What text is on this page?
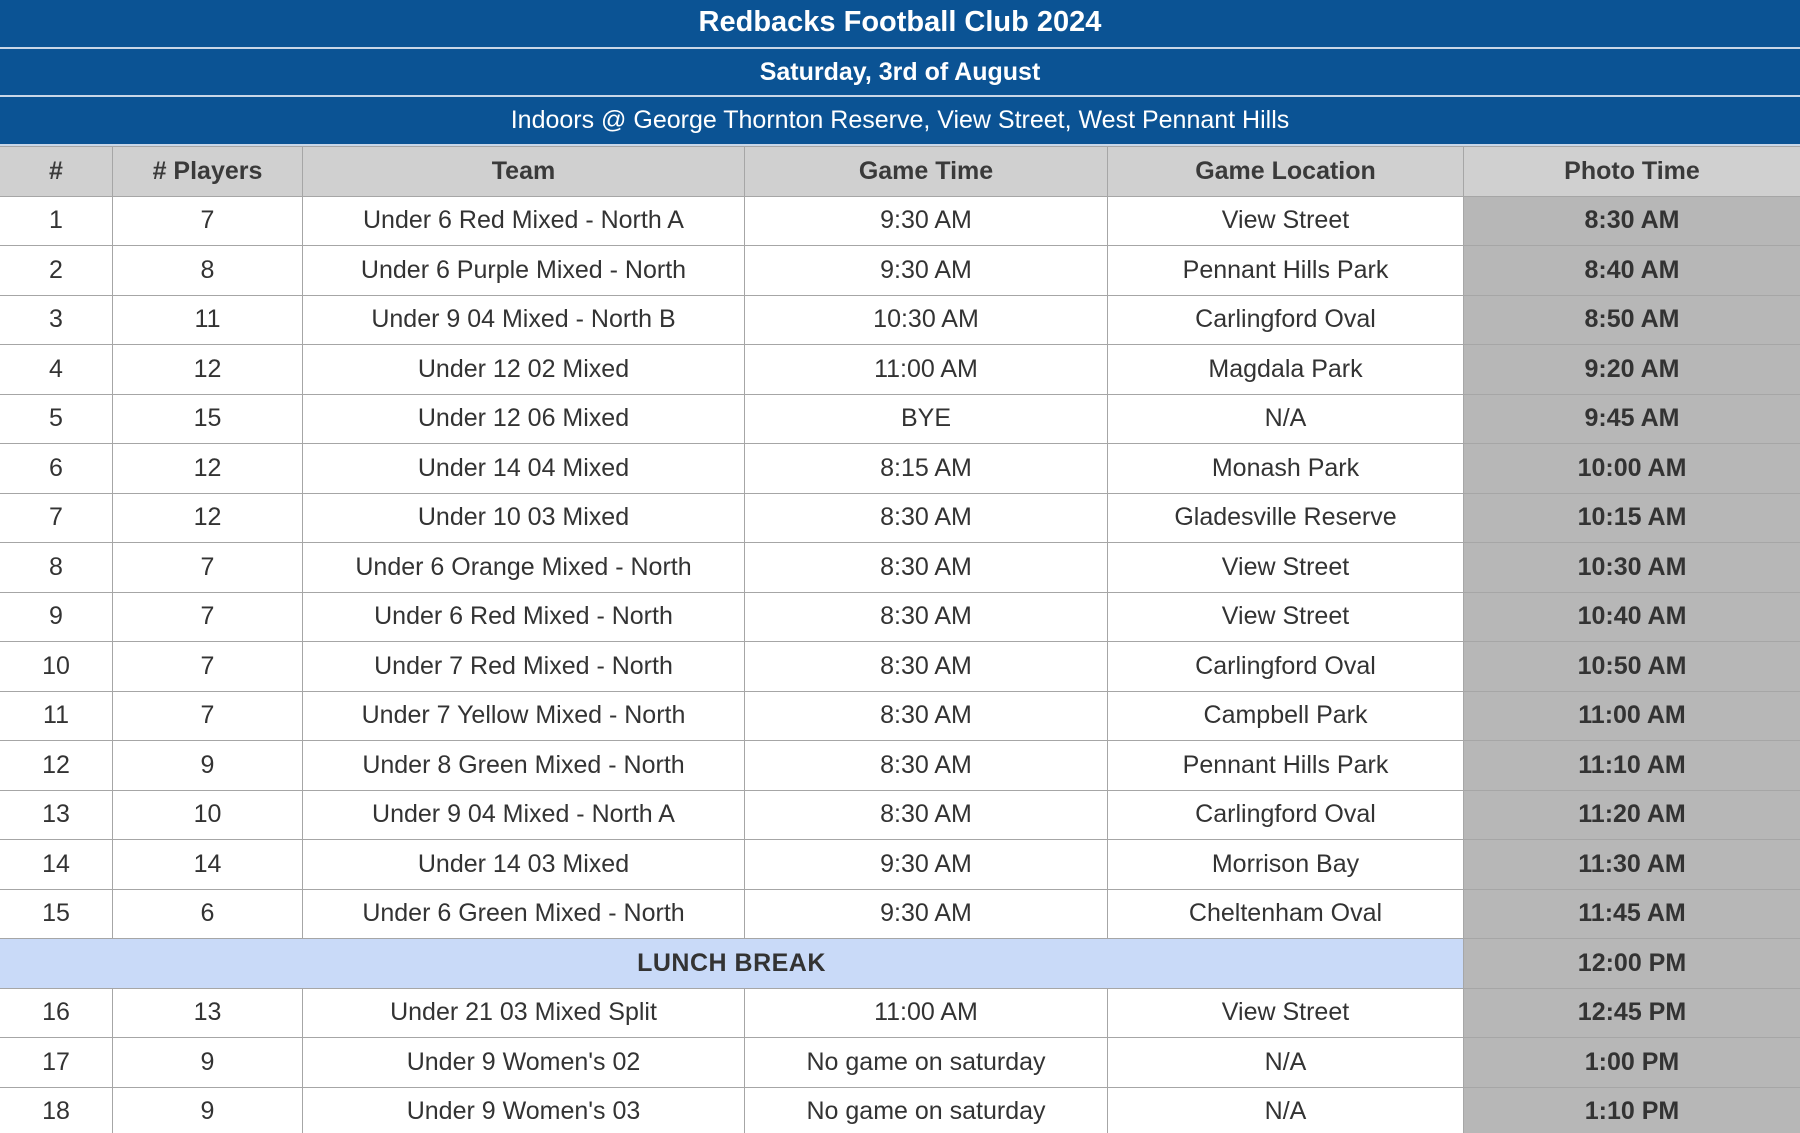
Redbacks Football Club 2024
Saturday, 3rd of August
Indoors @ George Thornton Reserve, View Street, West Pennant Hills
#	# Players	Team	Game Time	Game Location	Photo Time
1	7	Under 6 Red Mixed - North A	9:30 AM	View Street	8:30 AM
2	8	Under 6 Purple Mixed - North	9:30 AM	Pennant Hills Park	8:40 AM
3	11	Under 9 04 Mixed - North B	10:30 AM	Carlingford Oval	8:50 AM
4	12	Under 12 02 Mixed	11:00 AM	Magdala Park	9:20 AM
5	15	Under 12 06 Mixed	BYE	N/A	9:45 AM
6	12	Under 14 04 Mixed	8:15 AM	Monash Park	10:00 AM
7	12	Under 10 03 Mixed	8:30 AM	Gladesville Reserve	10:15 AM
8	7	Under 6 Orange Mixed - North	8:30 AM	View Street	10:30 AM
9	7	Under 6 Red Mixed - North	8:30 AM	View Street	10:40 AM
10	7	Under 7 Red Mixed - North	8:30 AM	Carlingford Oval	10:50 AM
11	7	Under 7 Yellow Mixed - North	8:30 AM	Campbell Park	11:00 AM
12	9	Under 8 Green Mixed - North	8:30 AM	Pennant Hills Park	11:10 AM
13	10	Under 9 04 Mixed - North A	8:30 AM	Carlingford Oval	11:20 AM
14	14	Under 14 03 Mixed	9:30 AM	Morrison Bay	11:30 AM
15	6	Under 6 Green Mixed - North	9:30 AM	Cheltenham Oval	11:45 AM
LUNCH BREAK					12:00 PM
16	13	Under 21 03 Mixed Split	11:00 AM	View Street	12:45 PM
17	9	Under 9 Women's 02	No game on saturday	N/A	1:00 PM
18	9	Under 9 Women's 03	No game on saturday	N/A	1:10 PM
